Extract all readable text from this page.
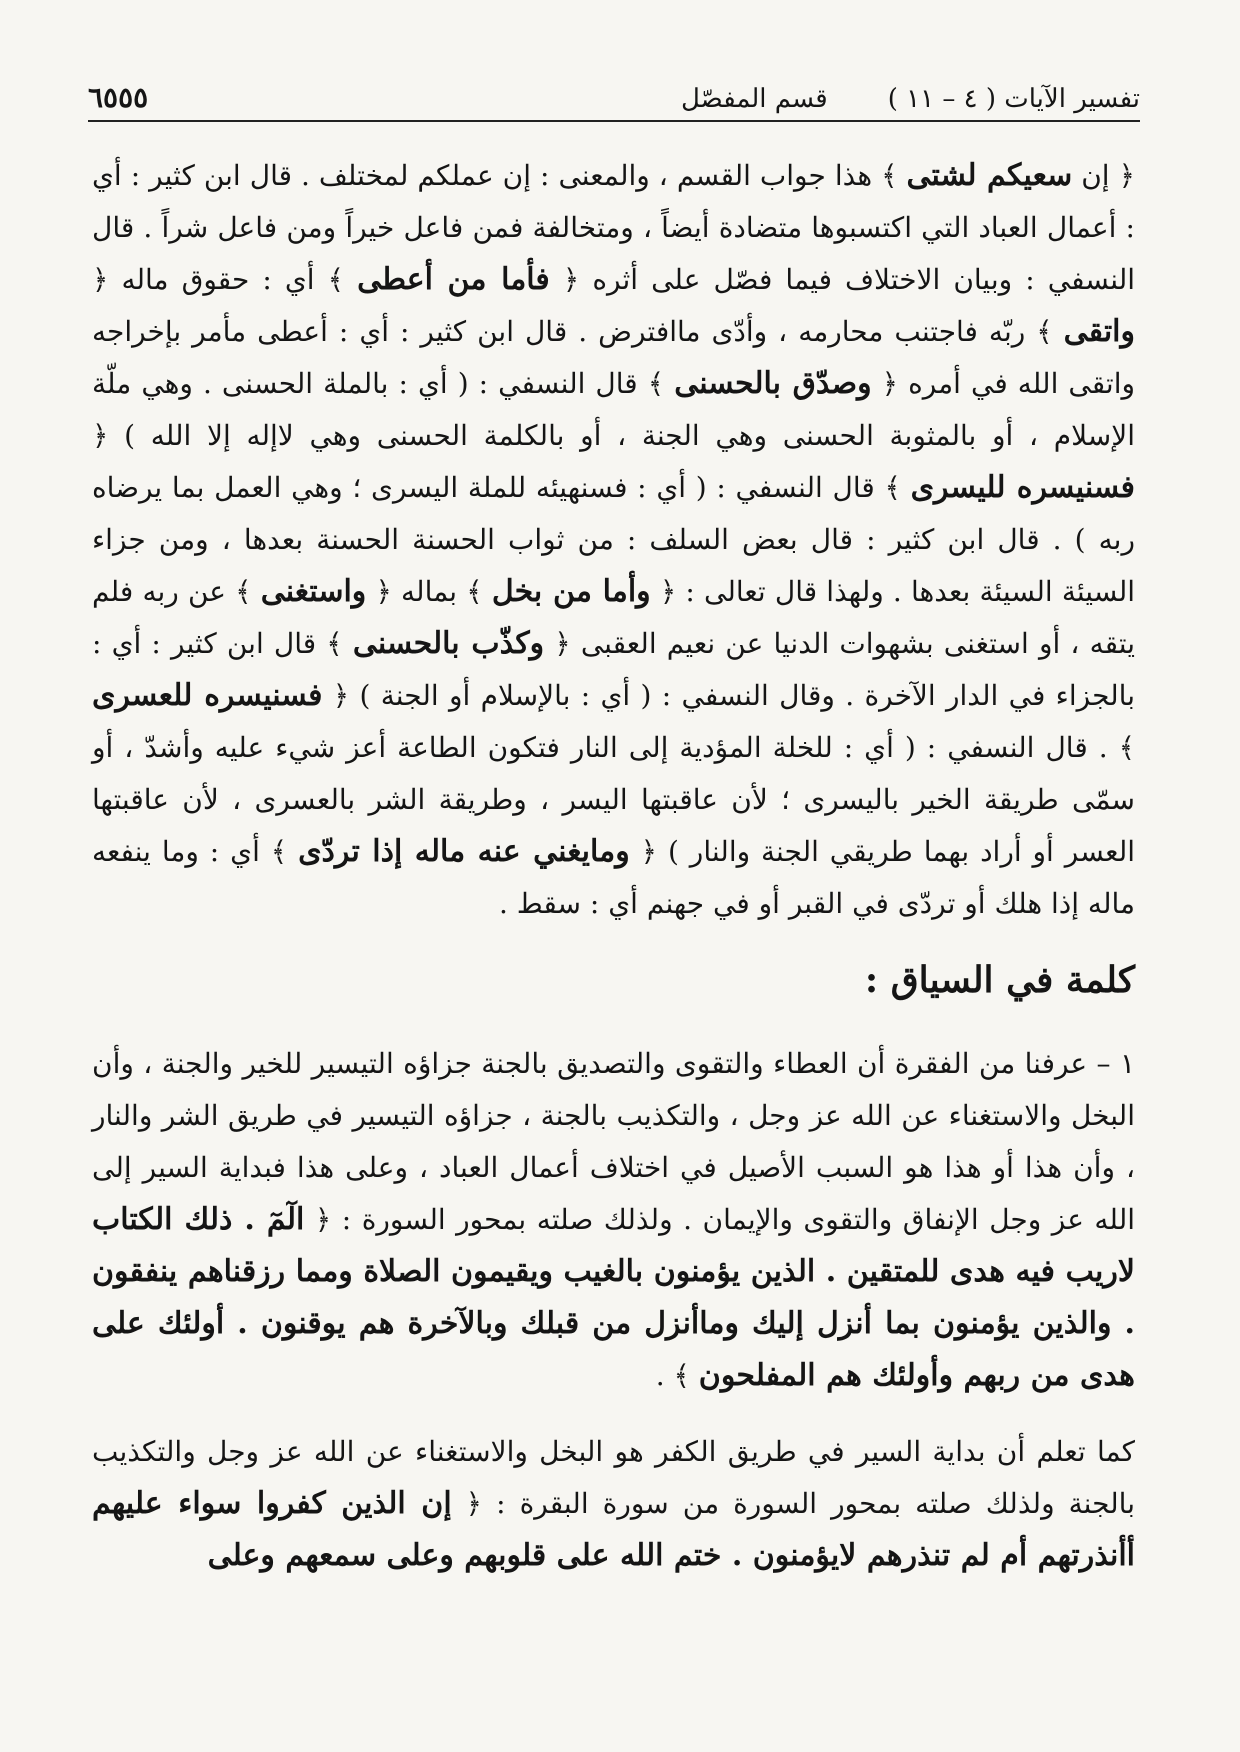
تفسير الآيات ( ٤ – ١١ )
قسم المفصّل
٦٥٥٥

﴿ إن سعيكم لشتى ﴾ هذا جواب القسم ، والمعنى : إن عملكم لمختلف . قال ابن كثير : أي : أعمال العباد التي اكتسبوها متضادة أيضاً ، ومتخالفة فمن فاعل خيراً ومن فاعل شراً . قال النسفي : وبيان الاختلاف فيما فصّل على أثره ﴿ فأما من أعطى ﴾ أي : حقوق ماله ﴿ واتقى ﴾ ربّه فاجتنب محارمه ، وأدّى ماافترض . قال ابن كثير : أي : أعطى مأمر بإخراجه واتقى الله في أمره ﴿ وصدّق بالحسنى ﴾ قال النسفي : ( أي : بالملة الحسنى . وهي ملّة الإسلام ، أو بالمثوبة الحسنى وهي الجنة ، أو بالكلمة الحسنى وهي لاإله إلا الله ) ﴿ فسنيسره لليسرى ﴾ قال النسفي : ( أي : فسنهيئه للملة اليسرى ؛ وهي العمل بما يرضاه ربه ) . قال ابن كثير : قال بعض السلف : من ثواب الحسنة الحسنة بعدها ، ومن جزاء السيئة السيئة بعدها . ولهذا قال تعالى : ﴿ وأما من بخل ﴾ بماله ﴿ واستغنى ﴾ عن ربه فلم يتقه ، أو استغنى بشهوات الدنيا عن نعيم العقبى ﴿ وكذّب بالحسنى ﴾ قال ابن كثير : أي : بالجزاء في الدار الآخرة . وقال النسفي : ( أي : بالإسلام أو الجنة ) ﴿ فسنيسره للعسرى ﴾ . قال النسفي : ( أي : للخلة المؤدية إلى النار فتكون الطاعة أعز شيء عليه وأشدّ ، أو سمّى طريقة الخير باليسرى ؛ لأن عاقبتها اليسر ، وطريقة الشر بالعسرى ، لأن عاقبتها العسر أو أراد بهما طريقي الجنة والنار ) ﴿ ومايغني عنه ماله إذا تردّى ﴾ أي : وما ينفعه ماله إذا هلك أو تردّى في القبر أو في جهنم أي : سقط .

كلمة في السياق :

١ – عرفنا من الفقرة أن العطاء والتقوى والتصديق بالجنة جزاؤه التيسير للخير والجنة ، وأن البخل والاستغناء عن الله عز وجل ، والتكذيب بالجنة ، جزاؤه التيسير في طريق الشر والنار ، وأن هذا أو هذا هو السبب الأصيل في اختلاف أعمال العباد ، وعلى هذا فبداية السير إلى الله عز وجل الإنفاق والتقوى والإيمان . ولذلك صلته بمحور السورة : ﴿ الٓمٓ . ذلك الكتاب لاريب فيه هدى للمتقين . الذين يؤمنون بالغيب ويقيمون الصلاة ومما رزقناهم ينفقون . والذين يؤمنون بما أنزل إليك وماأنزل من قبلك وبالآخرة هم يوقنون . أولئك على هدى من ربهم وأولئك هم المفلحون ﴾ .

كما تعلم أن بداية السير في طريق الكفر هو البخل والاستغناء عن الله عز وجل والتكذيب بالجنة ولذلك صلته بمحور السورة من سورة البقرة : ﴿ إن الذين كفروا سواء عليهم أأنذرتهم أم لم تنذرهم لايؤمنون . ختم الله على قلوبهم وعلى سمعهم وعلى
